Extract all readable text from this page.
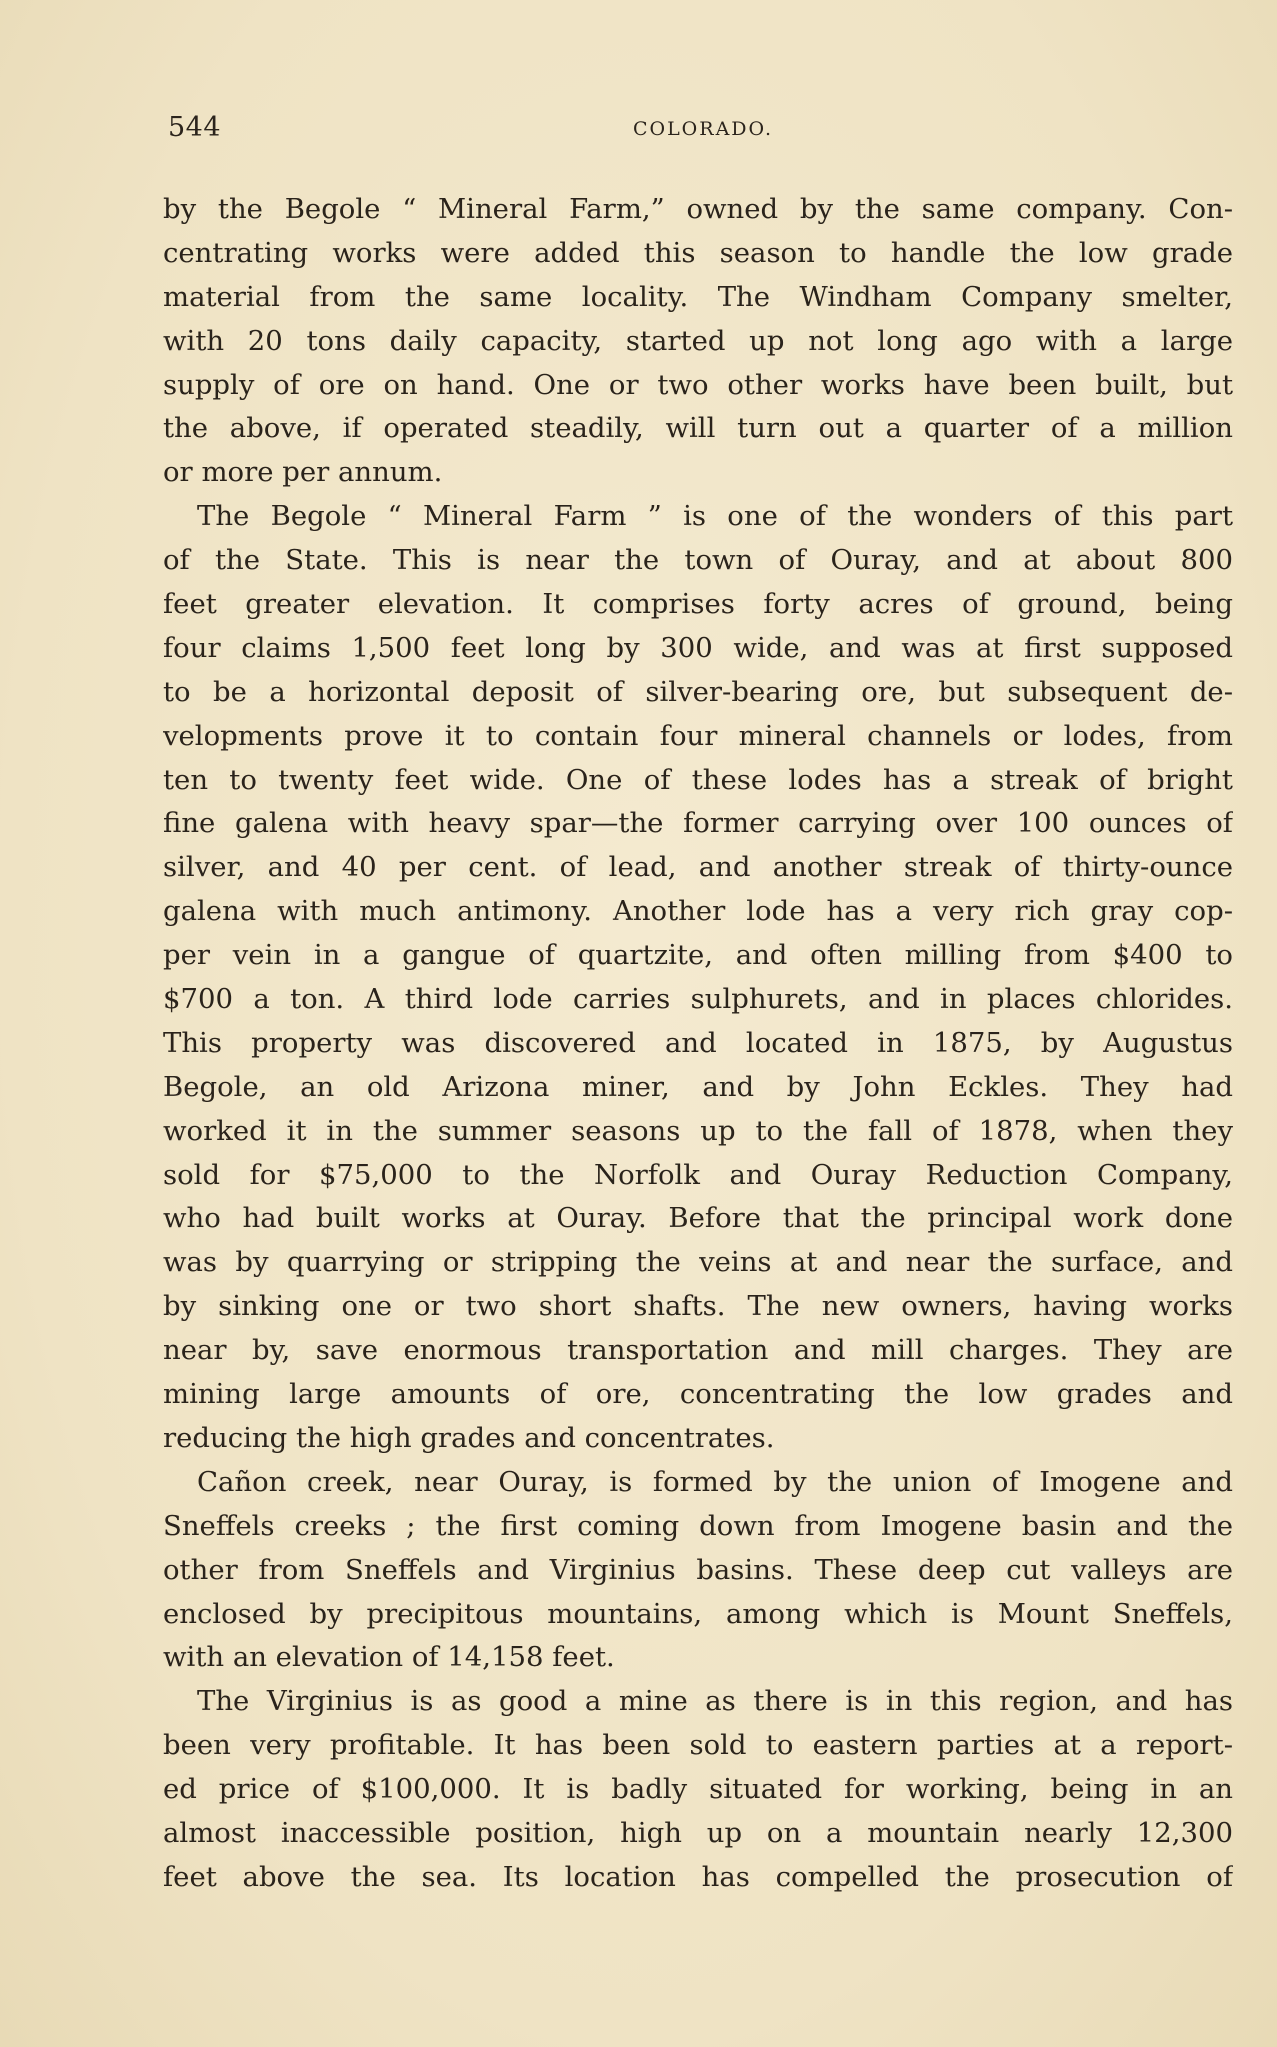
544	COLORADO.
by the Begole “ Mineral Farm,” owned by the same company. Con-
centrating works were added this season to handle the low grade
material from the same locality. The Windham Company smelter,
with 20 tons daily capacity, started up not long ago with a large
supply of ore on hand. One or two other works have been built, but
the above, if operated steadily, will turn out a quarter of a million
or more per annum.
The Begole “ Mineral Farm ” is one of the wonders of this part
of the State. This is near the town of Ouray, and at about 800
feet greater elevation. It comprises forty acres of ground, being
four claims 1,500 feet long by 300 wide, and was at first supposed
to be a horizontal deposit of silver-bearing ore, but subsequent de-
velopments prove it to contain four mineral channels or lodes, from
ten to twenty feet wide. One of these lodes has a streak of bright
fine galena with heavy spar—the former carrying over 100 ounces of
silver, and 40 per cent. of lead, and another streak of thirty-ounce
galena with much antimony. Another lode has a very rich gray cop-
per vein in a gangue of quartzite, and often milling from $400 to
$700 a ton. A third lode carries sulphurets, and in places chlorides.
This property was discovered and located in 1875, by Augustus
Begole, an old Arizona miner, and by John Eckles. They had
worked it in the summer seasons up to the fall of 1878, when they
sold for $75,000 to the Norfolk and Ouray Reduction Company,
who had built works at Ouray. Before that the principal work done
was by quarrying or stripping the veins at and near the surface, and
by sinking one or two short shafts. The new owners, having works
near by, save enormous transportation and mill charges. They are
mining large amounts of ore, concentrating the low grades and
reducing the high grades and concentrates.
Cañon creek, near Ouray, is formed by the union of Imogene and
Sneffels creeks ; the first coming down from Imogene basin and the
other from Sneffels and Virginius basins. These deep cut valleys are
enclosed by precipitous mountains, among which is Mount Sneffels,
with an elevation of 14,158 feet.
The Virginius is as good a mine as there is in this region, and has
been very profitable. It has been sold to eastern parties at a report-
ed price of $100,000. It is badly situated for working, being in an
almost inaccessible position, high up on a mountain nearly 12,300
feet above the sea. Its location has compelled the prosecution of
